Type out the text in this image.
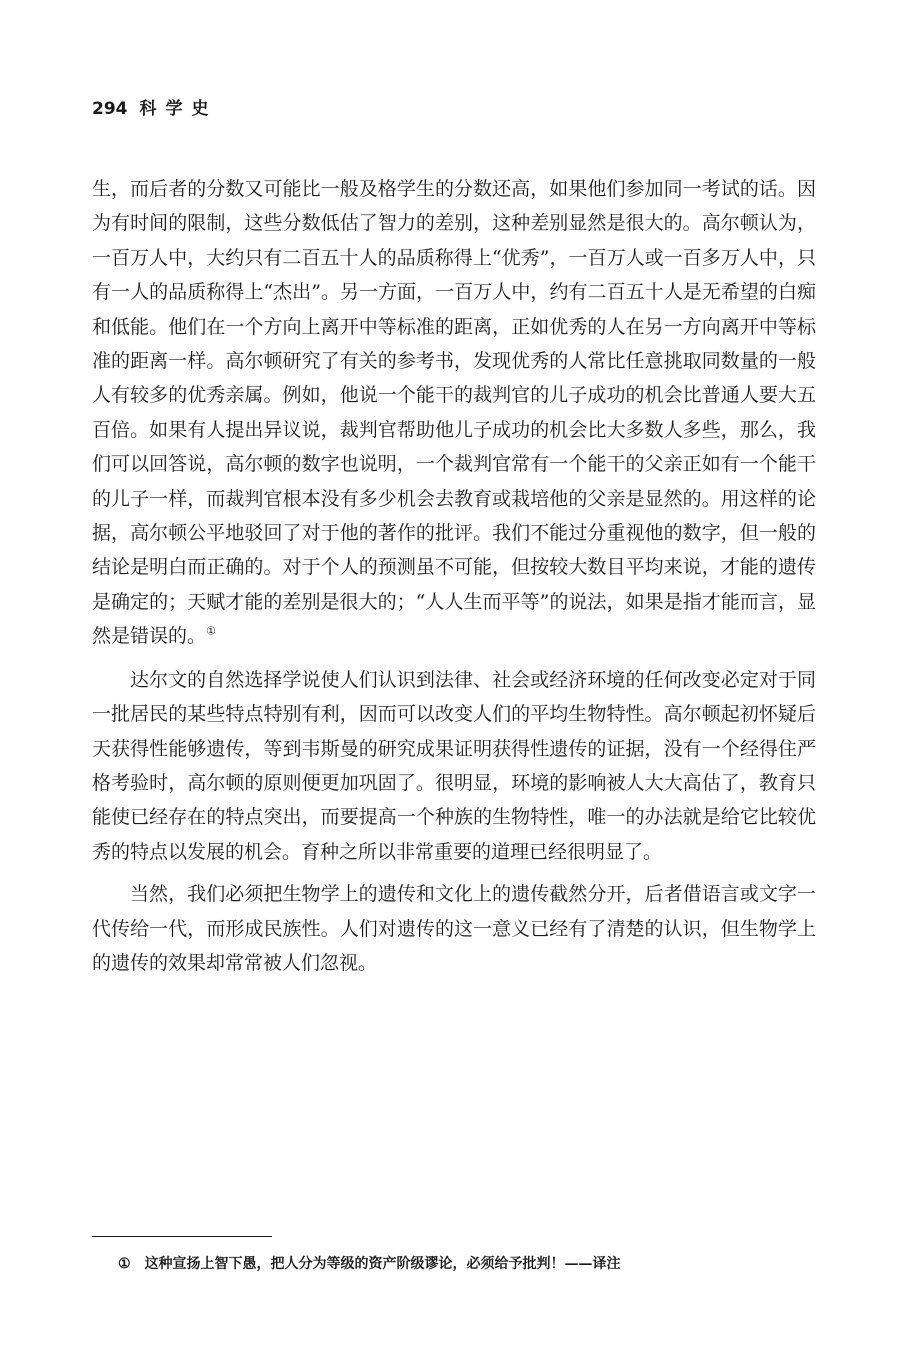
294 科学史

生，而后者的分数又可能比一般及格学生的分数还高，如果他们参加同一考试的话。因为有时间的限制，这些分数低估了智力的差别，这种差别显然是很大的。高尔顿认为，一百万人中，大约只有二百五十人的品质称得上“优秀”，一百万人或一百多万人中，只有一人的品质称得上“杰出”。另一方面，一百万人中，约有二百五十人是无希望的白痴和低能。他们在一个方向上离开中等标准的距离，正如优秀的人在另一方向离开中等标准的距离一样。高尔顿研究了有关的参考书，发现优秀的人常比任意挑取同数量的一般人有较多的优秀亲属。例如，他说一个能干的裁判官的儿子成功的机会比普通人要大五百倍。如果有人提出异议说，裁判官帮助他儿子成功的机会比大多数人多些，那么，我们可以回答说，高尔顿的数字也说明，一个裁判官常有一个能干的父亲正如有一个能干的儿子一样，而裁判官根本没有多少机会去教育或栽培他的父亲是显然的。用这样的论据，高尔顿公平地驳回了对于他的著作的批评。我们不能过分重视他的数字，但一般的结论是明白而正确的。对于个人的预测虽不可能，但按较大数目平均来说，才能的遗传是确定的；天赋才能的差别是很大的；“人人生而平等”的说法，如果是指才能而言，显然是错误的。①

达尔文的自然选择学说使人们认识到法律、社会或经济环境的任何改变必定对于同一批居民的某些特点特别有利，因而可以改变人们的平均生物特性。高尔顿起初怀疑后天获得性能够遗传，等到韦斯曼的研究成果证明获得性遗传的证据，没有一个经得住严格考验时，高尔顿的原则便更加巩固了。很明显，环境的影响被人大大高估了，教育只能使已经存在的特点突出，而要提高一个种族的生物特性，唯一的办法就是给它比较优秀的特点以发展的机会。育种之所以非常重要的道理已经很明显了。

当然，我们必须把生物学上的遗传和文化上的遗传截然分开，后者借语言或文字一代传给一代，而形成民族性。人们对遗传的这一意义已经有了清楚的认识，但生物学上的遗传的效果却常常被人们忽视。

① 这种宣扬上智下愚，把人分为等级的资产阶级谬论，必须给予批判！——译注
